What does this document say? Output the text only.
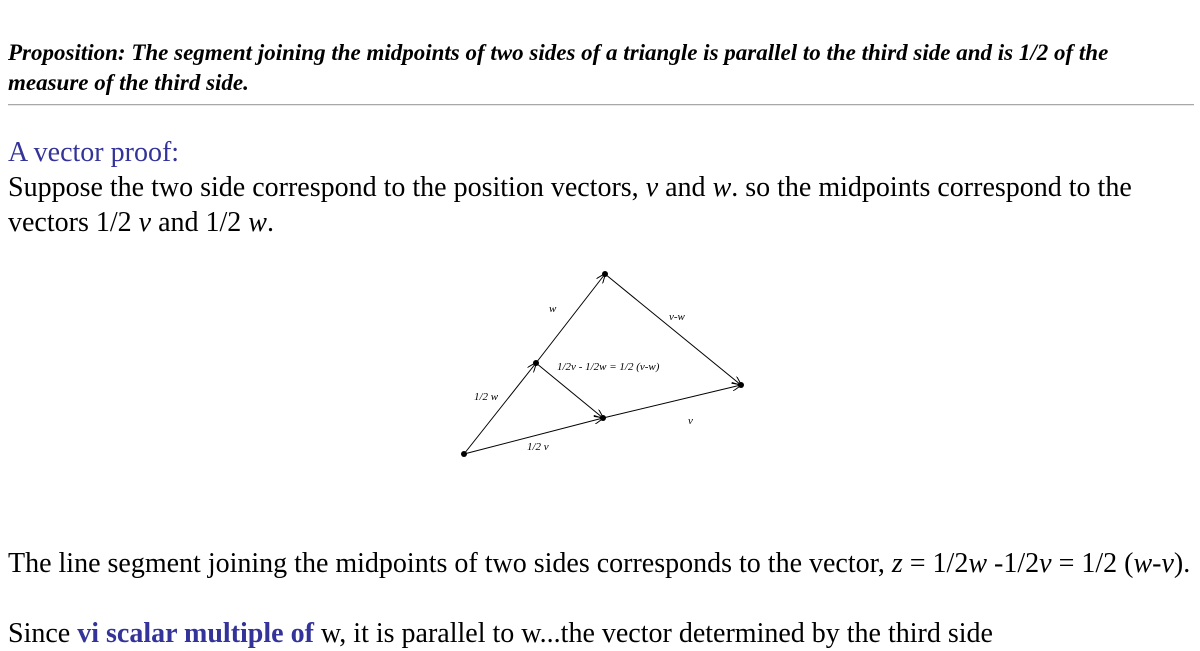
Proposition: The segment joining the midpoints of two sides of a triangle is parallel to the third side and is 1/2 of the measure of the third side.
A vector proof:
Suppose the two side correspond to the position vectors, v and w. so the midpoints correspond to the vectors 1/2 v and 1/2 w.
w
v-w
1/2v - 1/2w = 1/2 (v-w)
1/2 w
v
1/2 v
The line segment joining the midpoints of two sides corresponds to the vector, z = 1/2w -1/2v = 1/2 (w-v).
Since vi scalar multiple of w, it is parallel to w...the vector determined by the third side
